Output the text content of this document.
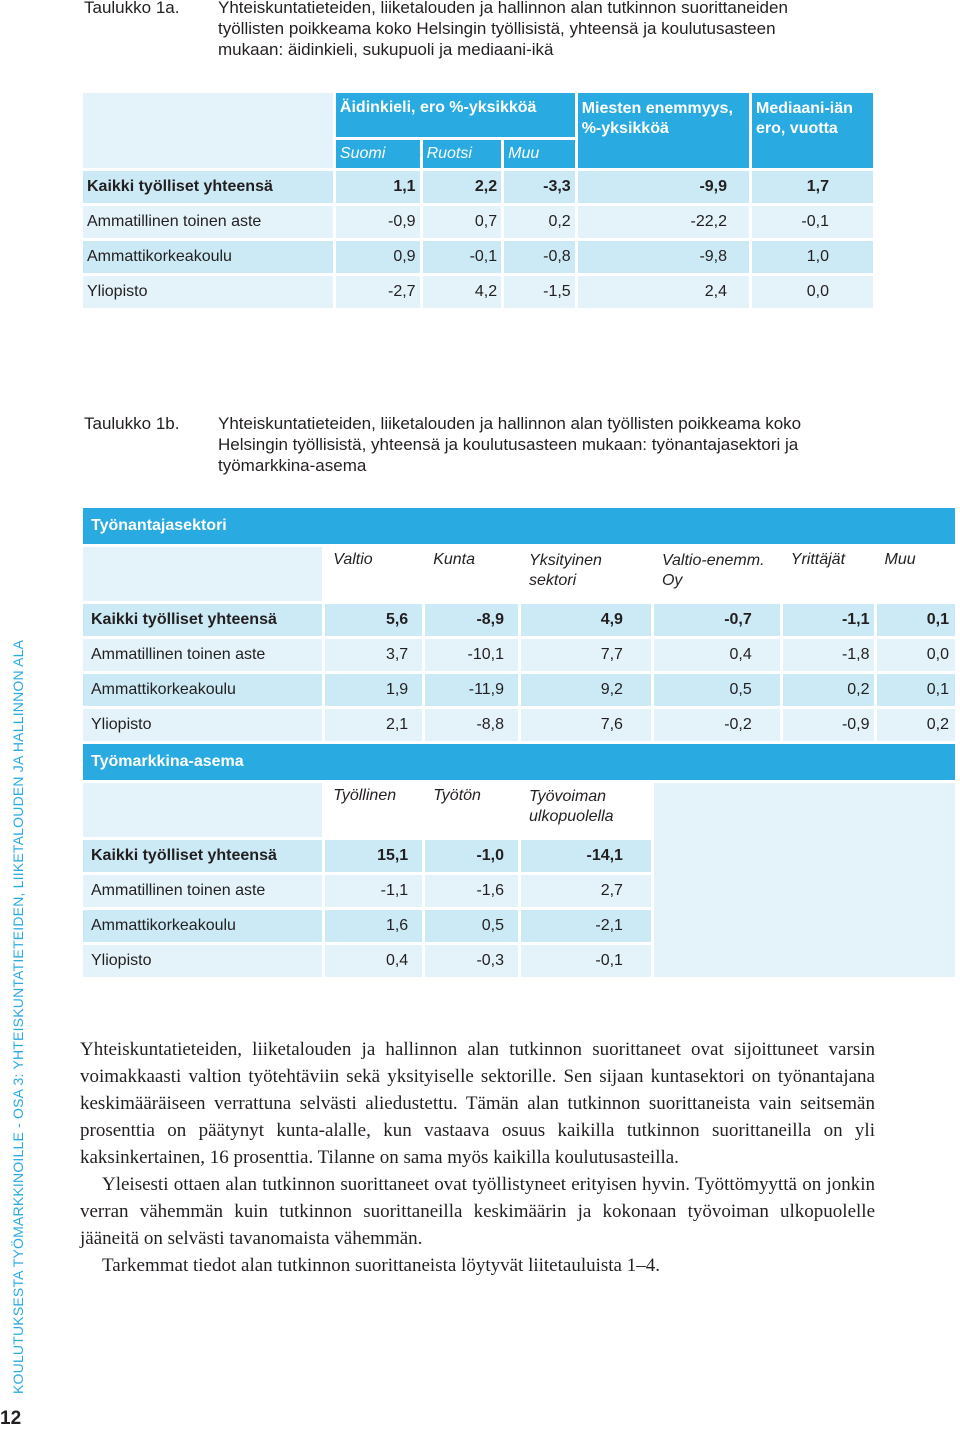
Taulukko 1a. Yhteiskuntatieteiden, liiketalouden ja hallinnon alan tutkinnon suorittaneiden työllisten poikkeama koko Helsingin työllisistä, yhteensä ja koulutusasteen mukaan: äidinkieli, sukupuoli ja mediaani-ikä
	Äidinkieli, ero %-yksikköä			Miesten enemmyys, %-yksikköä	Mediaani-iän ero, vuotta
	Suomi	Ruotsi	Muu		
Kaikki työlliset yhteensä	1,1	2,2	-3,3	-9,9	1,7
Ammatillinen toinen aste	-0,9	0,7	0,2	-22,2	-0,1
Ammattikorkeakoulu	0,9	-0,1	-0,8	-9,8	1,0
Yliopisto	-2,7	4,2	-1,5	2,4	0,0
Taulukko 1b. Yhteiskuntatieteiden, liiketalouden ja hallinnon alan työllisten poikkeama koko Helsingin työllisistä, yhteensä ja koulutusasteen mukaan: työnantajasektori ja työmarkkina-asema
Työnantajasektori						
	Valtio	Kunta	Yksityinen sektori	Valtio-enemm. Oy	Yrittäjät	Muu
Kaikki työlliset yhteensä	5,6	-8,9	4,9	-0,7	-1,1	0,1
Ammatillinen toinen aste	3,7	-10,1	7,7	0,4	-1,8	0,0
Ammattikorkeakoulu	1,9	-11,9	9,2	0,5	0,2	0,1
Yliopisto	2,1	-8,8	7,6	-0,2	-0,9	0,2
Työmarkkina-asema						
	Työllinen	Työtön	Työvoiman ulkopuolella			
Kaikki työlliset yhteensä	15,1	-1,0	-14,1			
Ammatillinen toinen aste	-1,1	-1,6	2,7			
Ammattikorkeakoulu	1,6	0,5	-2,1			
Yliopisto	0,4	-0,3	-0,1			

Yhteiskuntatieteiden, liiketalouden ja hallinnon alan tutkinnon suorittaneet ovat sijoittuneet varsin voimakkaasti valtion työtehtäviin sekä yksityiselle sektorille. Sen sijaan kuntasektori on työnantajana keskimääräiseen verrattuna selvästi aliedustettu. Tämän alan tutkinnon suorittaneista vain seitsemän prosenttia on päätynyt kunta-alalle, kun vastaava osuus kaikilla tutkinnon suorittaneilla on yli kaksinkertainen, 16 prosenttia. Tilanne on sama myös kaikilla koulutusasteilla.

Yleisesti ottaen alan tutkinnon suorittaneet ovat työllistyneet erityisen hyvin. Työttömyyttä on jonkin verran vähemmän kuin tutkinnon suorittaneilla keskimäärin ja kokonaan työvoiman ulkopuolelle jääneitä on selvästi tavanomaista vähemmän.

Tarkemmat tiedot alan tutkinnon suorittaneista löytyvät liitetauluista 1–4.

KOULUTUKSESTA TYÖMARKKINOILLE - OSA 3: YHTEISKUNTATIETEIDEN, LIIKETALOUDEN JA HALLINNON ALA
12
